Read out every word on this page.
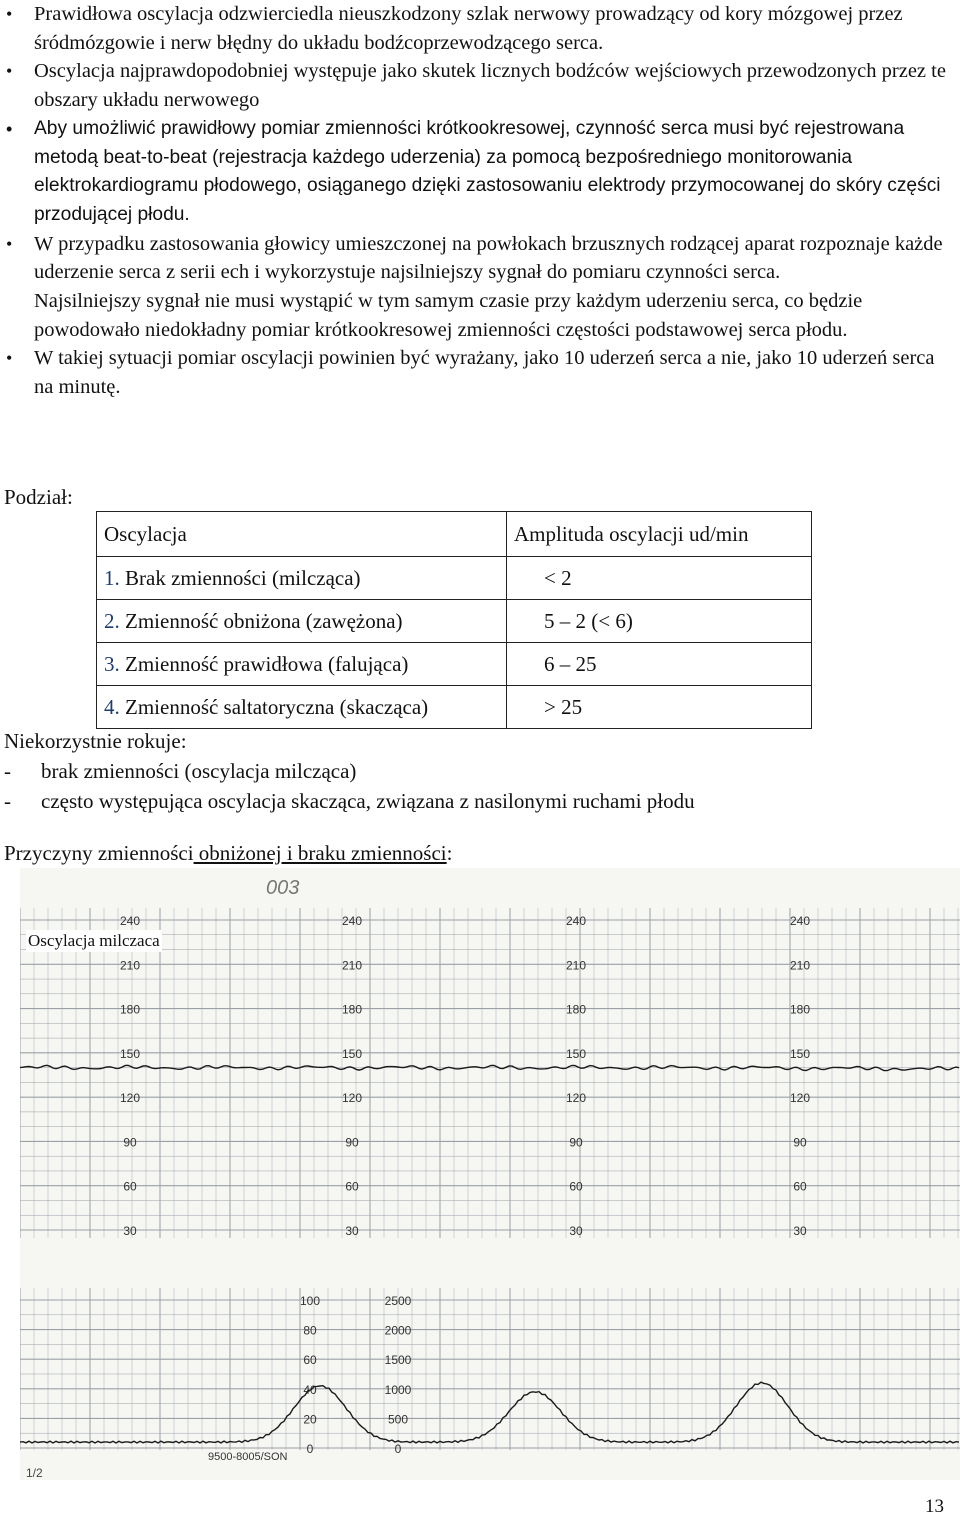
•	Prawidłowa oscylacja odzwierciedla nieuszkodzony szlak nerwowy prowadzący od kory mózgowej przez śródmózgowie i nerw błędny do układu bodźcoprzewodzącego serca.

•	Oscylacja najprawdopodobniej występuje jako skutek licznych bodźców wejściowych przewodzonych przez te obszary układu nerwowego

•	Aby umożliwić prawidłowy pomiar zmienności krótkookresowej, czynność serca musi być rejestrowana metodą beat-to-beat (rejestracja każdego uderzenia) za pomocą bezpośredniego monitorowania elektrokardiogramu płodowego, osiąganego dzięki zastosowaniu elektrody przymocowanej do skóry części przodującej płodu.

•	W przypadku zastosowania głowicy umieszczonej na powłokach brzusznych rodzącej aparat rozpoznaje każde uderzenie serca z serii ech i wykorzystuje najsilniejszy sygnał do pomiaru czynności serca.

Najsilniejszy sygnał nie musi wystąpić w tym samym czasie przy każdym uderzeniu serca, co będzie powodowało niedokładny pomiar krótkookresowej zmienności częstości podstawowej serca płodu.

•	W takiej sytuacji pomiar oscylacji powinien być wyrażany, jako 10 uderzeń serca a nie, jako 10 uderzeń serca na minutę.

Podział:
Oscylacja	Amplituda oscylacji ud/min
1. Brak zmienności (milcząca)	< 2
2. Zmienność obniżona (zawężona)	5 – 2 (< 6)
3. Zmienność prawidłowa (falująca)	6 – 25
4. Zmienność saltatoryczna (skacząca)	> 25
Niekorzystnie rokuje:
- brak zmienności (oscylacja milcząca)
- często występująca oscylacja skacząca, związana z nasilonymi ruchami płodu
Przyczyny zmienności obniżonej i braku zmienności:
240	240	240	240
210	210	210	210
180	180	180	180
150	150	150	150
120	120	120	120
90	90	90	90
60	60	60	60
30	30	30	30
100
80
60
40
20
0
2500
2000
1500
1000
500
0
003
9500-8005/SON
Oscylacja milczaca
1/2
13
